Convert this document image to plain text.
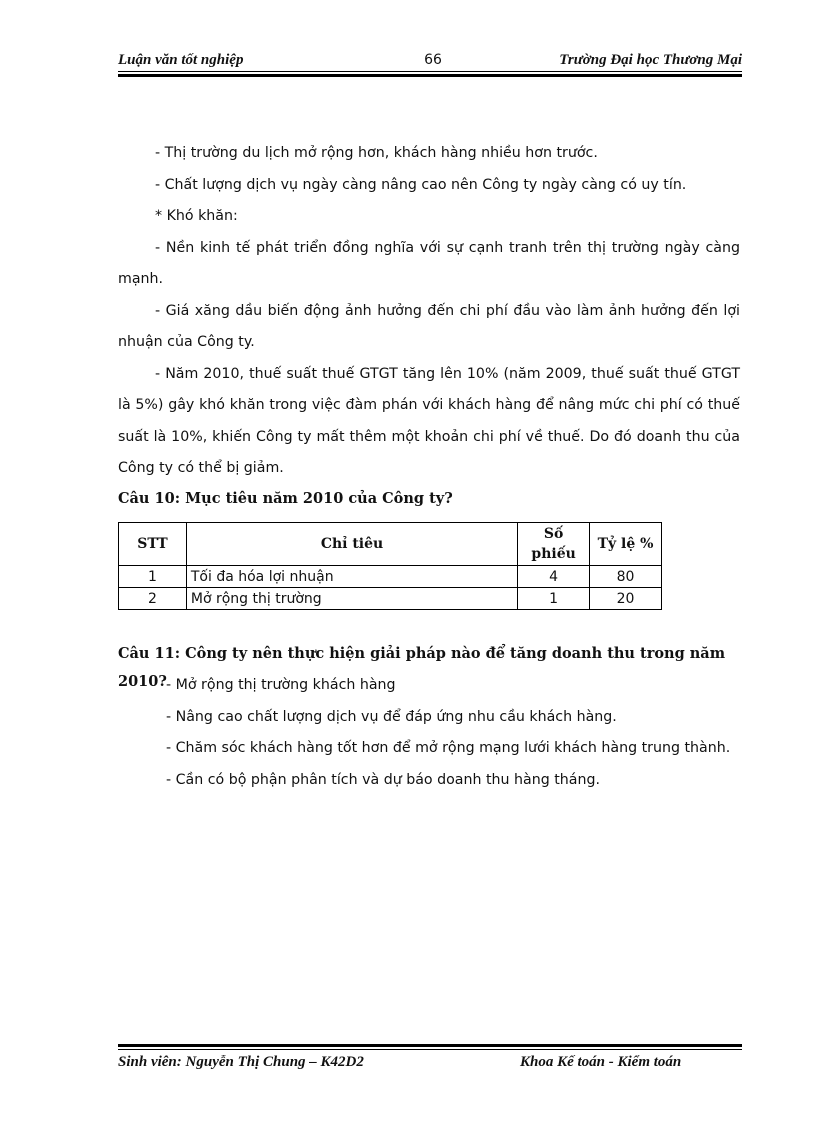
Luận văn tốt nghiệp	66	Trường Đại học Thương Mại

- Thị trường du lịch mở rộng hơn, khách hàng nhiều hơn trước.

- Chất lượng dịch vụ ngày càng nâng cao nên Công ty ngày càng có uy tín.

* Khó khăn:

- Nền kinh tế phát triển đồng nghĩa với sự cạnh tranh trên thị trường ngày càng mạnh.

- Giá xăng dầu biến động ảnh hưởng đến chi phí đầu vào làm ảnh hưởng đến lợi nhuận của Công ty.

- Năm 2010, thuế suất thuế GTGT tăng lên 10% (năm 2009, thuế suất thuế GTGT là 5%) gây khó khăn trong việc đàm phán với khách hàng để nâng mức chi phí có thuế suất là 10%, khiến Công ty mất thêm một khoản chi phí về thuế. Do đó doanh thu của Công ty có thể bị giảm.

Câu 10: Mục tiêu năm 2010 của Công ty?

STT	Chỉ tiêu	Số phiếu	Tỷ lệ %
1	Tối đa hóa lợi nhuận	4	80
2	Mở rộng thị trường	1	20

Câu 11: Công ty nên thực hiện giải pháp nào để tăng doanh thu trong năm 2010? - Mở rộng thị trường khách hàng
- Nâng cao chất lượng dịch vụ để đáp ứng nhu cầu khách hàng.
- Chăm sóc khách hàng tốt hơn để mở rộng mạng lưới khách hàng trung thành.
- Cần có bộ phận phân tích và dự báo doanh thu hàng tháng.
Sinh viên: Nguyễn Thị Chung – K42D2	Khoa Kế toán - Kiểm toán
